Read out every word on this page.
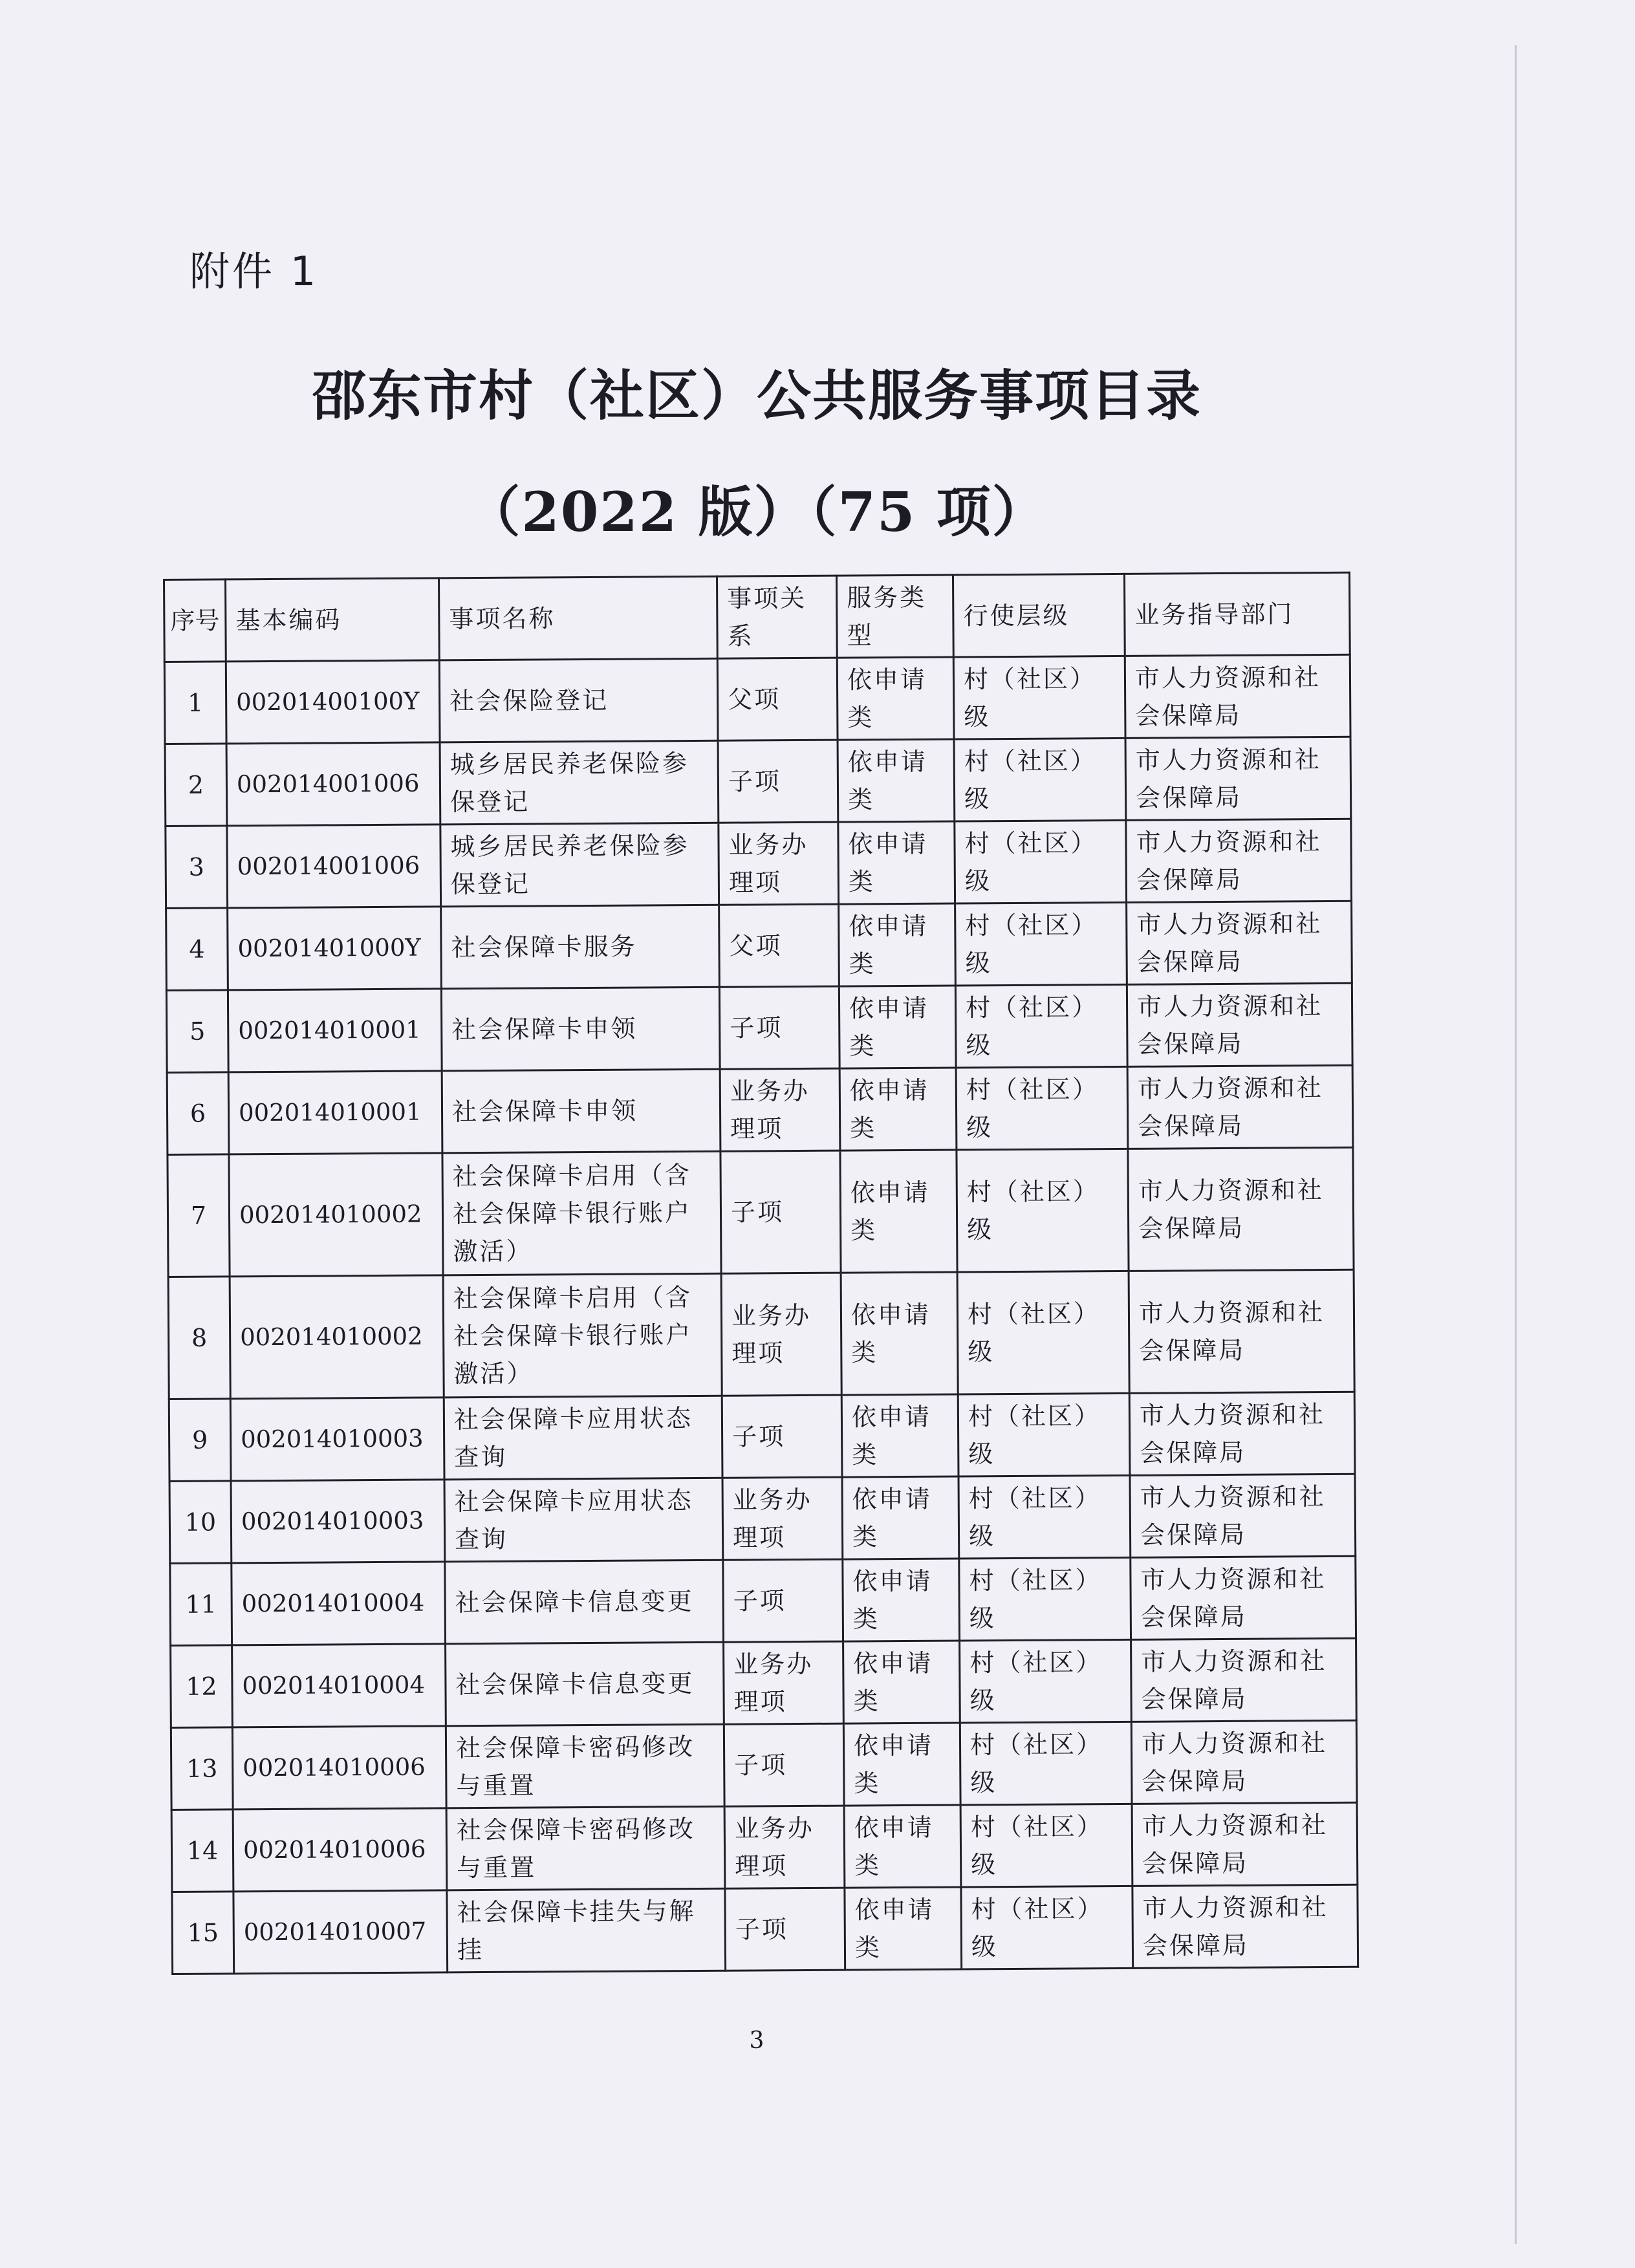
附件 1
邵东市村（社区）公共服务事项目录
（2022 版）（75 项）
序号	基本编码	事项名称	事项关系	服务类型	行使层级	业务指导部门
1	00201400100Y	社会保险登记	父项	依申请类	村（社区）级	市人力资源和社会保障局
2	002014001006	城乡居民养老保险参保登记	子项	依申请类	村（社区）级	市人力资源和社会保障局
3	002014001006	城乡居民养老保险参保登记	业务办理项	依申请类	村（社区）级	市人力资源和社会保障局
4	00201401000Y	社会保障卡服务	父项	依申请类	村（社区）级	市人力资源和社会保障局
5	002014010001	社会保障卡申领	子项	依申请类	村（社区）级	市人力资源和社会保障局
6	002014010001	社会保障卡申领	业务办理项	依申请类	村（社区）级	市人力资源和社会保障局
7	002014010002	社会保障卡启用（含社会保障卡银行账户激活）	子项	依申请类	村（社区）级	市人力资源和社会保障局
8	002014010002	社会保障卡启用（含社会保障卡银行账户激活）	业务办理项	依申请类	村（社区）级	市人力资源和社会保障局
9	002014010003	社会保障卡应用状态查询	子项	依申请类	村（社区）级	市人力资源和社会保障局
10	002014010003	社会保障卡应用状态查询	业务办理项	依申请类	村（社区）级	市人力资源和社会保障局
11	002014010004	社会保障卡信息变更	子项	依申请类	村（社区）级	市人力资源和社会保障局
12	002014010004	社会保障卡信息变更	业务办理项	依申请类	村（社区）级	市人力资源和社会保障局
13	002014010006	社会保障卡密码修改与重置	子项	依申请类	村（社区）级	市人力资源和社会保障局
14	002014010006	社会保障卡密码修改与重置	业务办理项	依申请类	村（社区）级	市人力资源和社会保障局
15	002014010007	社会保障卡挂失与解挂	子项	依申请类	村（社区）级	市人力资源和社会保障局
3
